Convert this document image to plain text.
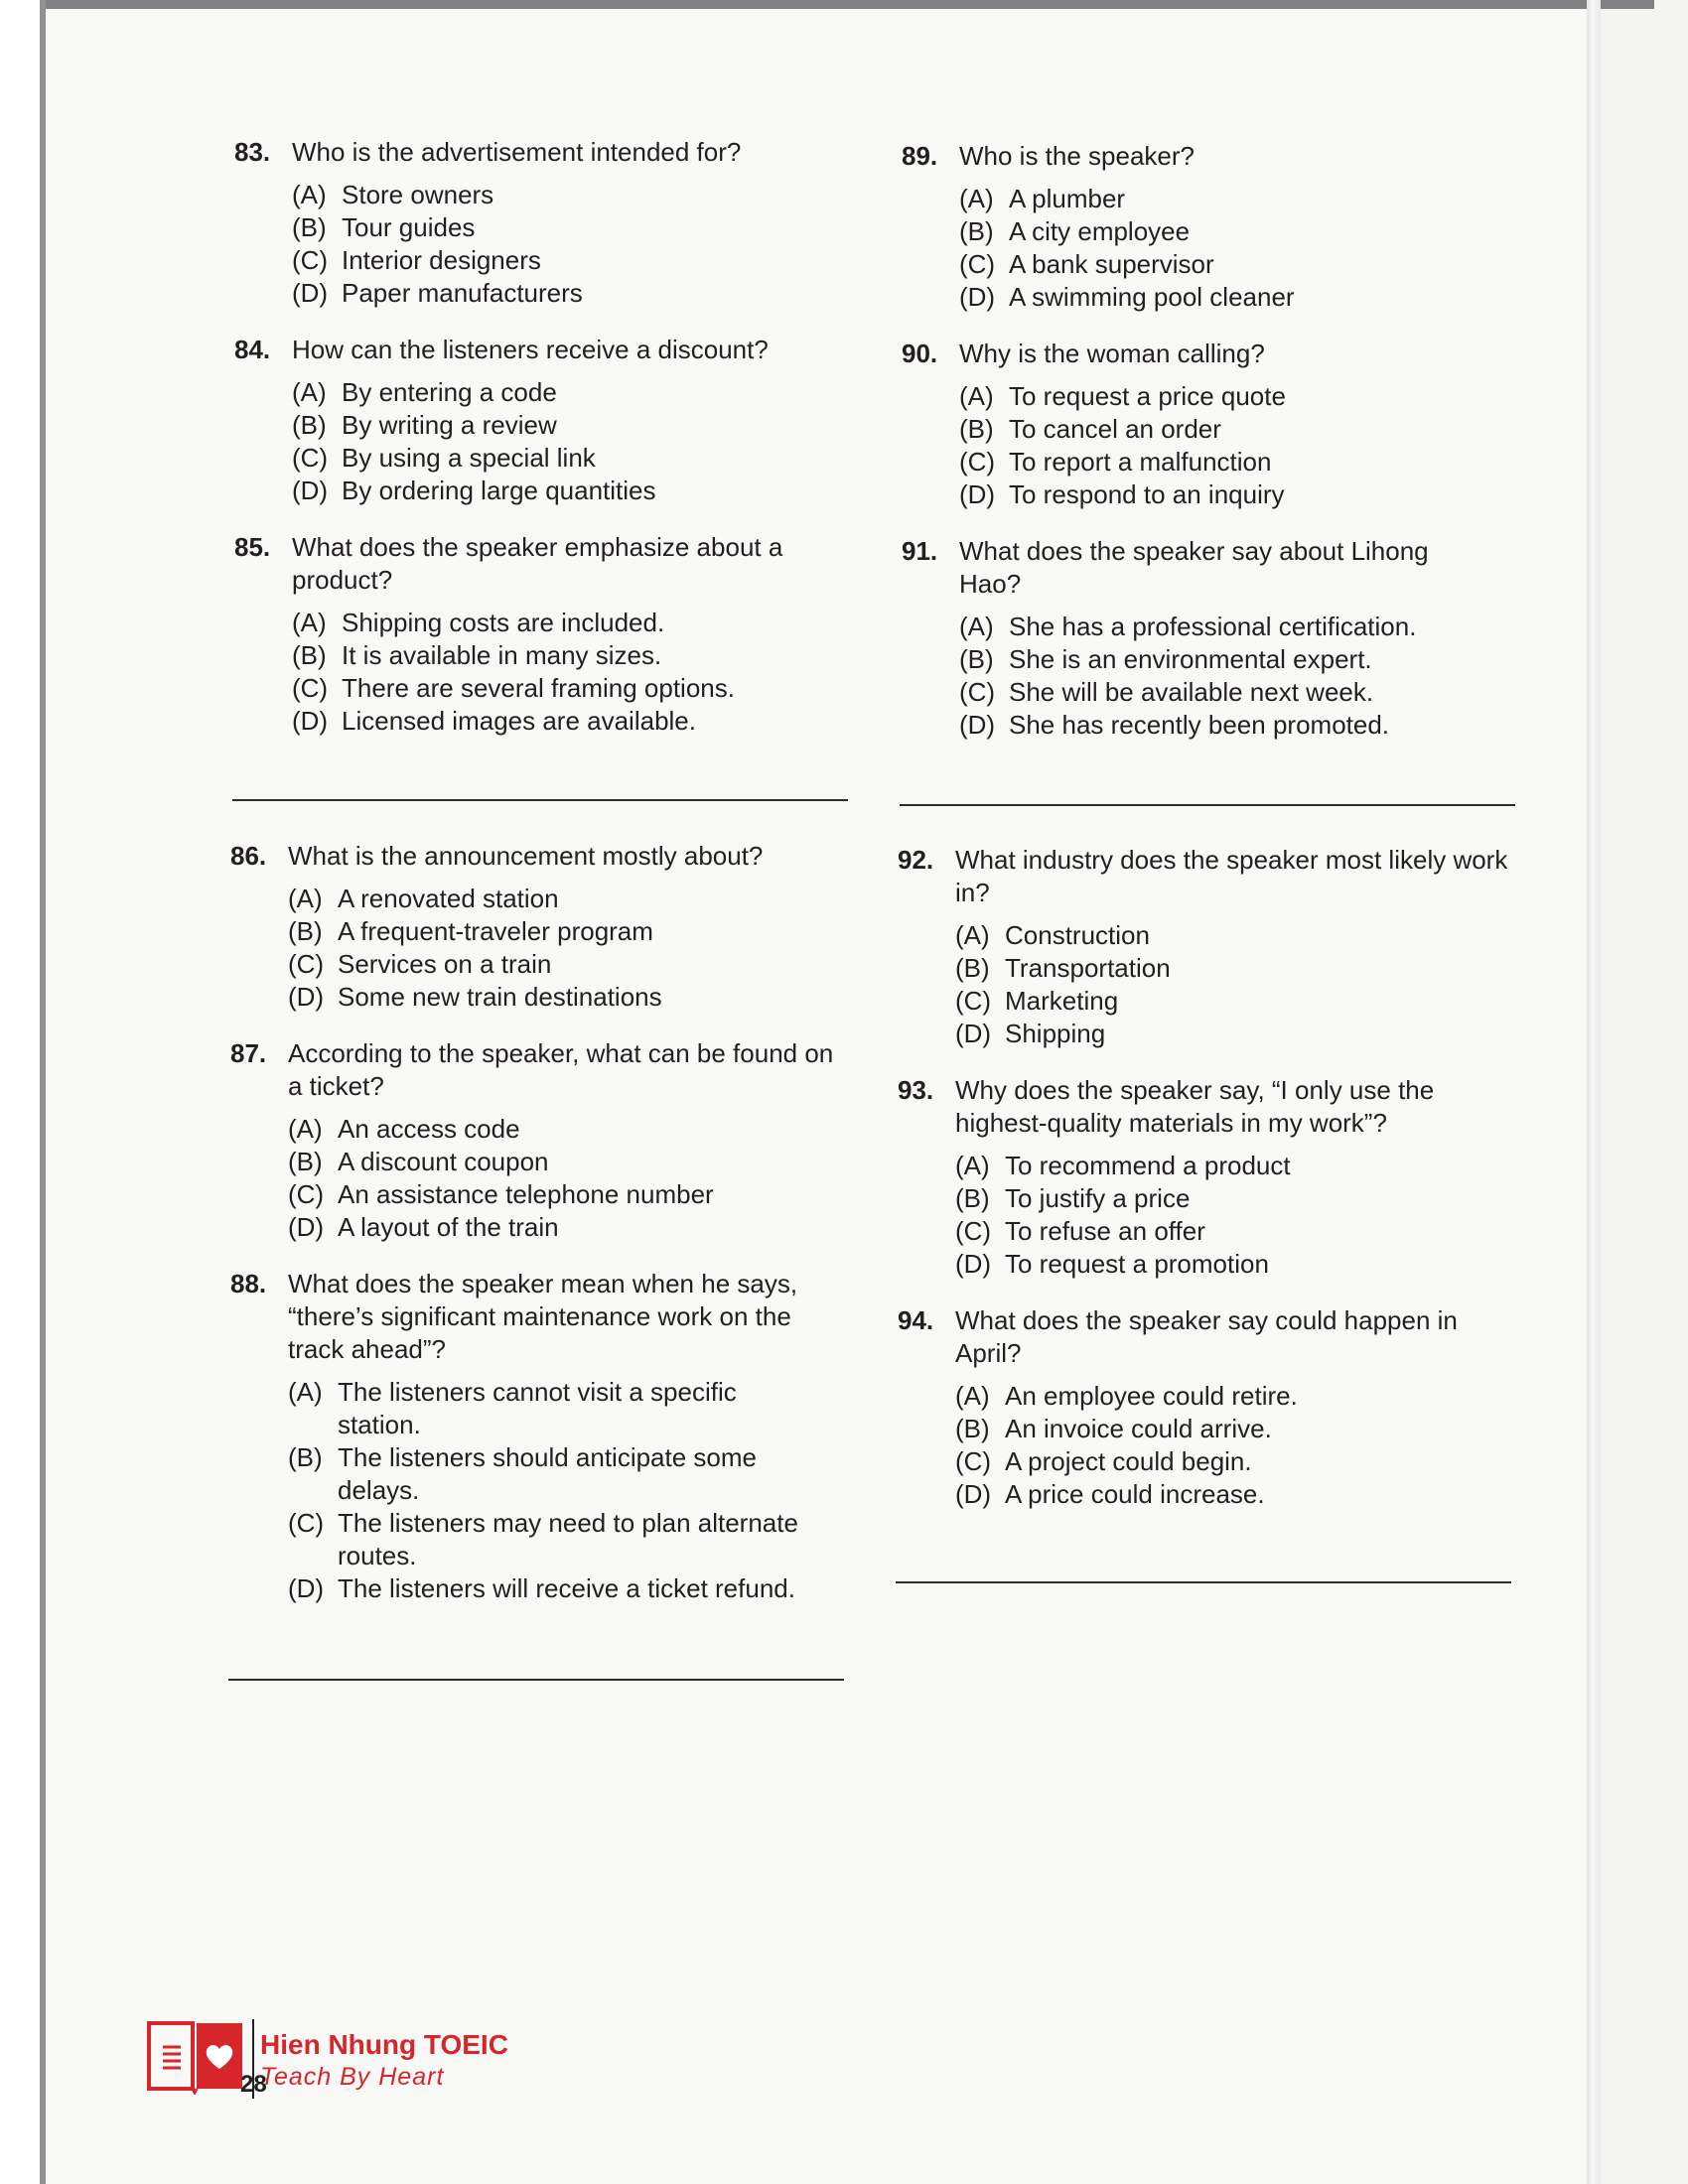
83. Who is the advertisement intended for?
(A) Store owners
(B) Tour guides
(C) Interior designers
(D) Paper manufacturers
84. How can the listeners receive a discount?
(A) By entering a code
(B) By writing a review
(C) By using a special link
(D) By ordering large quantities
85. What does the speaker emphasize about a product?
(A) Shipping costs are included.
(B) It is available in many sizes.
(C) There are several framing options.
(D) Licensed images are available.
86. What is the announcement mostly about?
(A) A renovated station
(B) A frequent-traveler program
(C) Services on a train
(D) Some new train destinations
87. According to the speaker, what can be found on a ticket?
(A) An access code
(B) A discount coupon
(C) An assistance telephone number
(D) A layout of the train
88. What does the speaker mean when he says, “there’s significant maintenance work on the track ahead”?
(A) The listeners cannot visit a specific station.
(B) The listeners should anticipate some delays.
(C) The listeners may need to plan alternate routes.
(D) The listeners will receive a ticket refund.
89. Who is the speaker?
(A) A plumber
(B) A city employee
(C) A bank supervisor
(D) A swimming pool cleaner
90. Why is the woman calling?
(A) To request a price quote
(B) To cancel an order
(C) To report a malfunction
(D) To respond to an inquiry
91. What does the speaker say about Lihong Hao?
(A) She has a professional certification.
(B) She is an environmental expert.
(C) She will be available next week.
(D) She has recently been promoted.
92. What industry does the speaker most likely work in?
(A) Construction
(B) Transportation
(C) Marketing
(D) Shipping
93. Why does the speaker say, “I only use the highest-quality materials in my work”?
(A) To recommend a product
(B) To justify a price
(C) To refuse an offer
(D) To request a promotion
94. What does the speaker say could happen in April?
(A) An employee could retire.
(B) An invoice could arrive.
(C) A project could begin.
(D) A price could increase.
Hien Nhung TOEIC
Teach By Heart
28
